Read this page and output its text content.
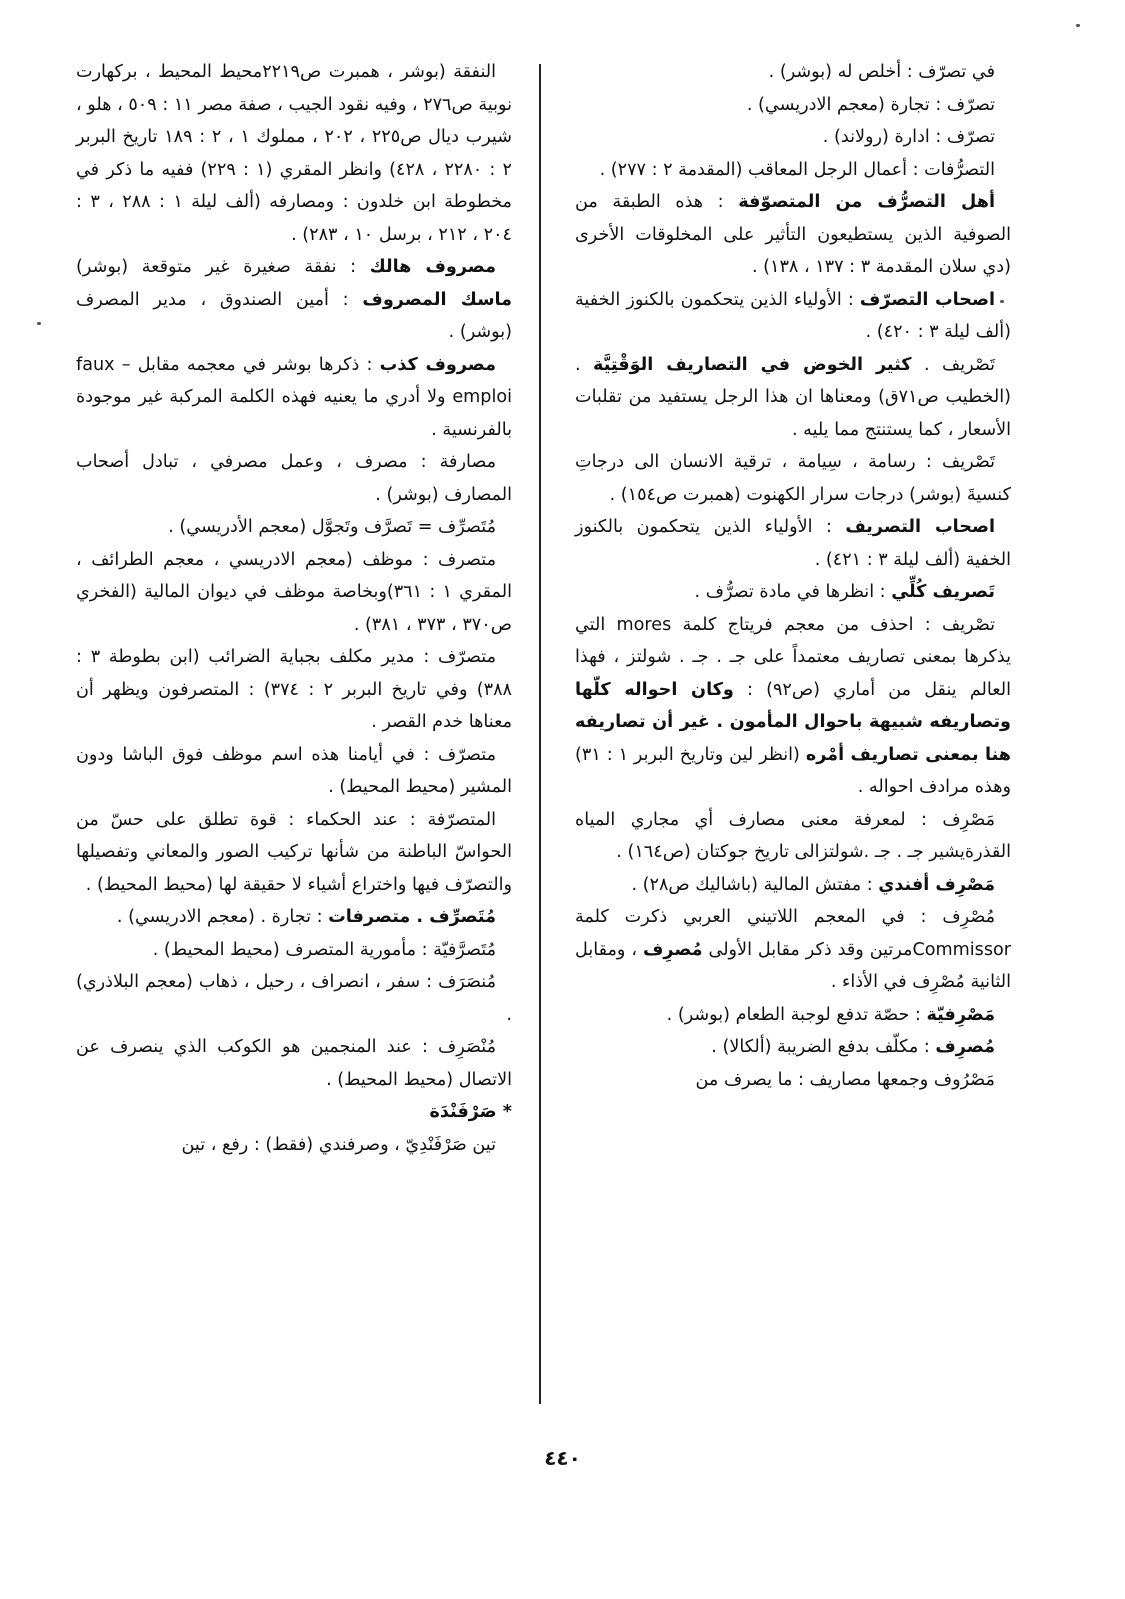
في تصرّف : أخلص له (بوشر) .

تصرّف : تجارة (معجم الادريسي) .

تصرّف : ادارة (رولاند) .

التصرُّفات : أعمال الرجل المعاقب (المقدمة ٢ : ٢٧٧) .

أهل التصرُّف من المتصوّفة : هذه الطبقة من الصوفية الذين يستطيعون التأثير على المخلوقات الأخرى (دي سلان المقدمة ٣ : ١٣٧ ، ١٣٨) .

اصحاب التصرّف : الأولياء الذين يتحكمون بالكنوز الخفية (ألف ليلة ٣ : ٤٢٠) .

تَصْريف . كثير الخوض في التصاريف الوَقْتِيَّة . (الخطيب ص٧١ق) ومعناها ان هذا الرجل يستفيد من تقلبات الأسعار ، كما يستنتج مما يليه .

تَصْريف : رسامة ، سِيامة ، ترقية الانسان الى درجاتِ كنسيةَ (بوشر) درجات سرار الكهنوت (همبرت ص١٥٤) .

اصحاب التصريف : الأولياء الذين يتحكمون بالكنوز الخفية (ألف ليلة ٣ : ٤٢١) .

تَصريف كُلِّي : انظرها في مادة تصرُّف .

تصْريف : احذف من معجم فريتاج كلمة mores التي يذكرها بمعنى تصاريف معتمداً على جـ . جـ . شولتز ، فهذا العالم ينقل من أماري (ص٩٢) : وكان احواله كلّها وتصاريفه شبيهة باحوال المأمون . غير أن تصاريفه هنا بمعنى تصاريف أمْره (انظر لين وتاريخ البربر ١ : ٣١) وهذه مرادف احواله .

مَصْرِف : لمعرفة معنى مصارف أي مجاري المياه القذرةيشير جـ . جـ .شولتزالى تاريخ جوكتان (ص١٦٤) .

مَصْرِف أفندي : مفتش المالية (باشاليك ص٢٨) .

مُصْرِف : في المعجم اللاتيني العربي ذكرت كلمة Commissorمرتين وقد ذكر مقابل الأولى مُصرِف ، ومقابل الثانية مُصْرِف في الأذاء .

مَصْرِفيّة : حصّة تدفع لوجبة الطعام (بوشر) .

مُصرِف : مكلّف بدفع الضريبة (ألكالا) .

مَصْرُوف وجمعها مصاريف : ما يصرف من

النفقة (بوشر ، همبرت ص٢٢١٩محيط المحيط ، بركهارت نوبية ص٢٧٦ ، وفيه نقود الجيب ، صفة مصر ١١ : ٥٠٩ ، هلو ، شيرب ديال ص٢٢٥ ، ٢٠٢ ، مملوك ١ ، ٢ : ١٨٩ تاريخ البربر ٢ : ٢٢٨٠ ، ٤٢٨) وانظر المقري (١ : ٢٢٩) ففيه ما ذكر في مخطوطة ابن خلدون : ومصارفه (ألف ليلة ١ : ٢٨٨ ، ٣ : ٢٠٤ ، ٢١٢ ، برسل ١٠ ، ٢٨٣) .

مصروف هالك : نفقة صغيرة غير متوقعة (بوشر) ماسك المصروف : أمين الصندوق ، مدير المصرف (بوشر) .

مصروف كذب : ذكرها بوشر في معجمه مقابل faux – emploi ولا أدري ما يعنيه فهذه الكلمة المركبة غير موجودة بالفرنسية .

مصارفة : مصرف ، وعمل مصرفي ، تبادل أصحاب المصارف (بوشر) .

مُتَصرِّف = تَصرَّف وتَجوَّل (معجم الأدريسي) .

متصرف : موظف (معجم الادريسي ، معجم الطرائف ، المقري ١ : ٣٦١)وبخاصة موظف في ديوان المالية (الفخري ص٣٧٠ ، ٣٧٣ ، ٣٨١) .

متصرّف : مدير مكلف بجباية الضرائب (ابن بطوطة ٣ : ٣٨٨) وفي تاريخ البربر ٢ : ٣٧٤) : المتصرفون ويظهر أن معناها خدم القصر .

متصرّف : في أيامنا هذه اسم موظف فوق الباشا ودون المشير (محيط المحيط) .

المتصرّفة : عند الحكماء : قوة تطلق على حسّ من الحواسّ الباطنة من شأنها تركيب الصور والمعاني وتفصيلها والتصرّف فيها واختراع أشياء لا حقيقة لها (محيط المحيط) .

مُتَصرِّف . متصرفات : تجارة . (معجم الادريسي) .

مُتَصرَّفيّة : مأمورية المتصرف (محيط المحيط) .

مُنصَرَف : سفر ، انصراف ، رحيل ، ذهاب (معجم البلاذري) .

مُنْصَرِف : عند المنجمين هو الكوكب الذي ينصرف عن الاتصال (محيط المحيط) .

* صَرْفَنْدَة

تين صَرْفَنْدِيّ ، وصرفندي (فقط) : رفع ، تين

٤٤٠
